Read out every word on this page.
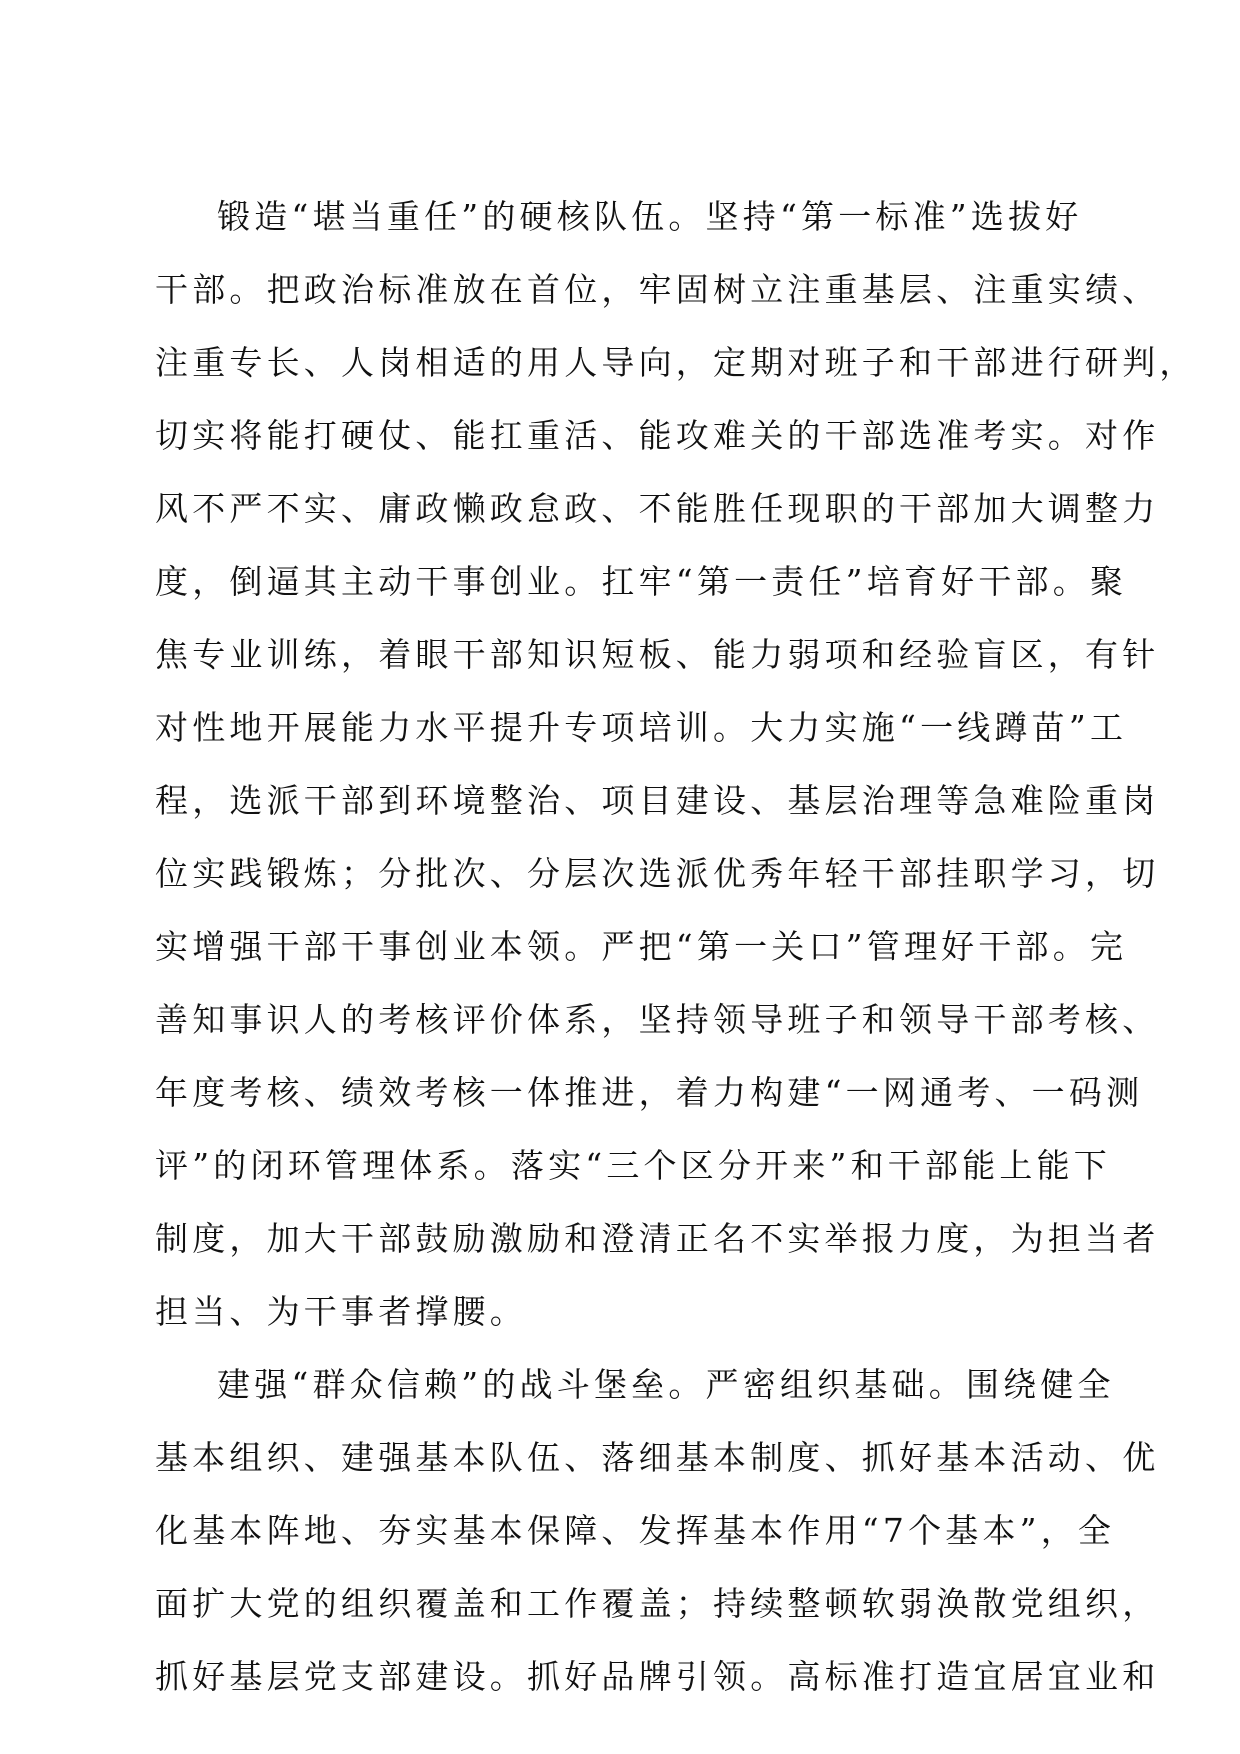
锻造“堪当重任”的硬核队伍。坚持“第一标准”选拔好
干部。把政治标准放在首位，牢固树立注重基层、注重实绩、
注重专长、人岗相适的用人导向，定期对班子和干部进行研判，
切实将能打硬仗、能扛重活、能攻难关的干部选准考实。对作
风不严不实、庸政懒政怠政、不能胜任现职的干部加大调整力
度，倒逼其主动干事创业。扛牢“第一责任”培育好干部。聚
焦专业训练，着眼干部知识短板、能力弱项和经验盲区，有针
对性地开展能力水平提升专项培训。大力实施“一线蹲苗”工
程，选派干部到环境整治、项目建设、基层治理等急难险重岗
位实践锻炼；分批次、分层次选派优秀年轻干部挂职学习，切
实增强干部干事创业本领。严把“第一关口”管理好干部。完
善知事识人的考核评价体系，坚持领导班子和领导干部考核、
年度考核、绩效考核一体推进，着力构建“一网通考、一码测
评”的闭环管理体系。落实“三个区分开来”和干部能上能下
制度，加大干部鼓励激励和澄清正名不实举报力度，为担当者
担当、为干事者撑腰。
建强“群众信赖”的战斗堡垒。严密组织基础。围绕健全
基本组织、建强基本队伍、落细基本制度、抓好基本活动、优
化基本阵地、夯实基本保障、发挥基本作用“7个基本”，全
面扩大党的组织覆盖和工作覆盖；持续整顿软弱涣散党组织，
抓好基层党支部建设。抓好品牌引领。高标准打造宜居宜业和
